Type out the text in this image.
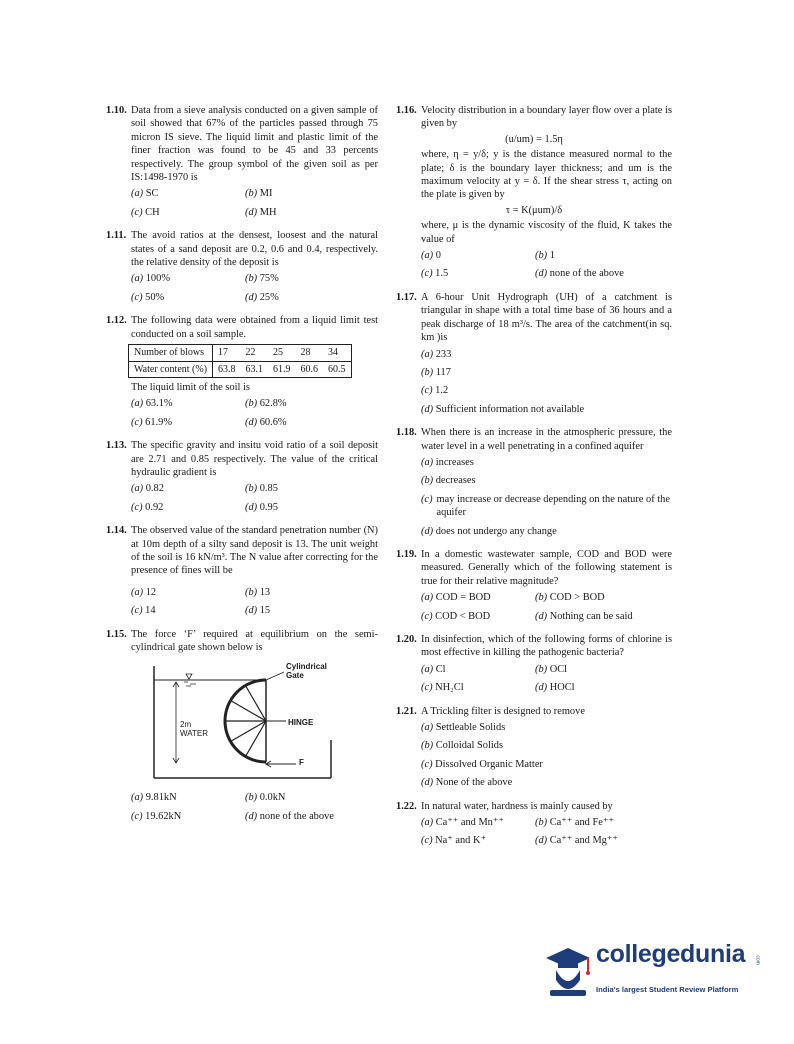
1.10. Data from a sieve analysis conducted on a given sample of soil showed that 67% of the particles passed through 75 micron IS sieve. The liquid limit and plastic limit of the finer fraction was found to be 45 and 33 percents respectively. The group symbol of the given soil as per IS:1498-1970 is
(a) SC	(b) MI
(c) CH	(d) MH
1.11. The avoid ratios at the densest, loosest and the natural states of a sand deposit are 0.2, 0.6 and 0.4, respectively. the relative density of the deposit is
(a) 100%	(b) 75%
(c) 50%	(d) 25%
1.12. The following data were obtained from a liquid limit test conducted on a soil sample.
Number of blows	17	22	25	28	34
Water content (%)	63.8	63.1	61.9	60.6	60.5
The liquid limit of the soil is
(a) 63.1%	(b) 62.8%
(c) 61.9%	(d) 60.6%
1.13. The specific gravity and insitu void ratio of a soil deposit are 2.71 and 0.85 respectively. The value of the critical hydraulic gradient is
(a) 0.82	(b) 0.85
(c) 0.92	(d) 0.95
1.14. The observed value of the standard penetration number (N) at 10m depth of a silty sand deposit is 13. The unit weight of the soil is 16 kN/m³. The N value after correcting for the presence of fines will be
(a) 12	(b) 13
(c) 14	(d) 15
1.15. The force ‘F’ required at equilibrium on the semi-cylindrical gate shown below is
Cylindrical Gate
HINGE
2m
WATER
F
(a) 9.81kN	(b) 0.0kN
(c) 19.62kN	(d) none of the above
1.16. Velocity distribution in a boundary layer flow over a plate is given by
(u/um) = 1.5η
where, η = y/δ; y is the distance measured normal to the plate; δ is the boundary layer thickness; and um is the maximum velocity at y = δ. If the shear stress τ, acting on the plate is given by
τ = K(μum)/δ
where, μ is the dynamic viscosity of the fluid, K takes the value of
(a) 0	(b) 1
(c) 1.5	(d) none of the above
1.17. A 6-hour Unit Hydrograph (UH) of a catchment is triangular in shape with a total time base of 36 hours and a peak discharge of 18 m³/s. The area of the catchment(in sq. km )is
(a) 233
(b) 117
(c) 1.2
(d) Sufficient information not available
1.18. When there is an increase in the atmospheric pressure, the water level in a well penetrating in a confined aquifer
(a) increases
(b) decreases
(c) may increase or decrease depending on the nature of the aquifer
(d) does not undergo any change
1.19. In a domestic wastewater sample, COD and BOD were measured. Generally which of the following statement is true for their relative magnitude?
(a) COD = BOD	(b) COD > BOD
(c) COD < BOD	(d) Nothing can be said
1.20. In disinfection, which of the following forms of chlorine is most effective in killing the pathogenic bacteria?
(a) Cl	(b) OCl
(c) NH₂Cl	(d) HOCl
1.21. A Trickling filter is designed to remove
(a) Settleable Solids
(b) Colloidal Solids
(c) Dissolved Organic Matter
(d) None of the above
1.22. In natural water, hardness is mainly caused by
(a) Ca⁺⁺ and Mn⁺⁺	(b) Ca⁺⁺ and Fe⁺⁺
(c) Na⁺ and K⁺	(d) Ca⁺⁺ and Mg⁺⁺
collegedunia	.com
India's largest Student Review Platform
